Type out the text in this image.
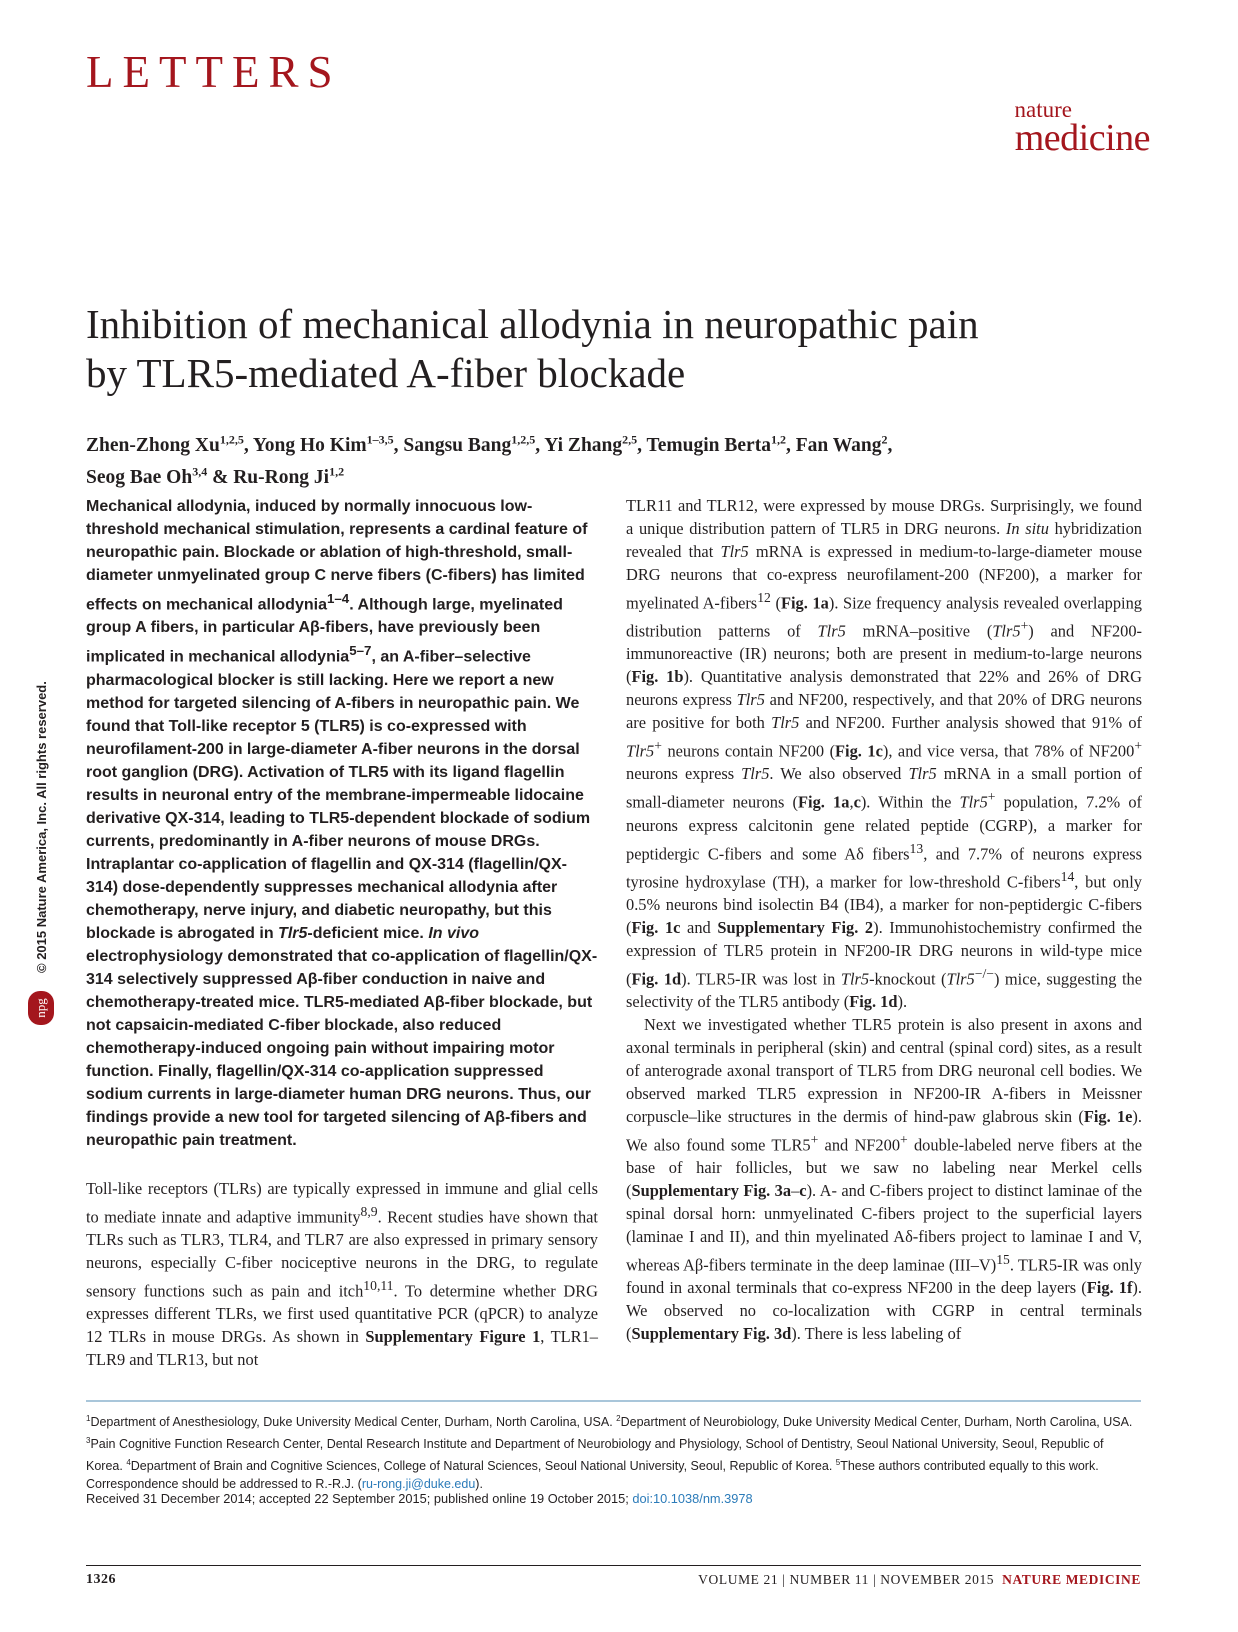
LETTERS
nature
medicine
Inhibition of mechanical allodynia in neuropathic pain
by TLR5-mediated A-fiber blockade
Zhen-Zhong Xu$^{1,2,5}$, Yong Ho Kim$^{1-3,5}$, Sangsu Bang$^{1,2,5}$, Yi Zhang$^{2,5}$, Temugin Berta$^{1,2}$, Fan Wang$^2$,
Seog Bae Oh$^{3,4}$ & Ru-Rong Ji$^{1,2}$
© 2015 Nature America, Inc. All rights reserved.
npg

Mechanical allodynia, induced by normally innocuous low-threshold mechanical stimulation, represents a cardinal feature of neuropathic pain. Blockade or ablation of high-threshold, small-diameter unmyelinated group C nerve fibers (C-fibers) has limited effects on mechanical allodynia$^{1-4}$. Although large, myelinated group A fibers, in particular Aβ-fibers, have previously been implicated in mechanical allodynia$^{5-7}$, an A-fiber–selective pharmacological blocker is still lacking. Here we report a new method for targeted silencing of A-fibers in neuropathic pain. We found that Toll-like receptor 5 (TLR5) is co-expressed with neurofilament-200 in large-diameter A-fiber neurons in the dorsal root ganglion (DRG). Activation of TLR5 with its ligand flagellin results in neuronal entry of the membrane-impermeable lidocaine derivative QX-314, leading to TLR5-dependent blockade of sodium currents, predominantly in A-fiber neurons of mouse DRGs. Intraplantar co-application of flagellin and QX-314 (flagellin/QX-314) dose-dependently suppresses mechanical allodynia after chemotherapy, nerve injury, and diabetic neuropathy, but this blockade is abrogated in Tlr5-deficient mice. In vivo electrophysiology demonstrated that co-application of flagellin/QX-314 selectively suppressed Aβ-fiber conduction in naive and chemotherapy-treated mice. TLR5-mediated Aβ-fiber blockade, but not capsaicin-mediated C-fiber blockade, also reduced chemotherapy-induced ongoing pain without impairing motor function. Finally, flagellin/QX-314 co-application suppressed sodium currents in large-diameter human DRG neurons. Thus, our findings provide a new tool for targeted silencing of Aβ-fibers and neuropathic pain treatment.

Toll-like receptors (TLRs) are typically expressed in immune and glial cells to mediate innate and adaptive immunity$^{8,9}$. Recent studies have shown that TLRs such as TLR3, TLR4, and TLR7 are also expressed in primary sensory neurons, especially C-fiber nociceptive neurons in the DRG, to regulate sensory functions such as pain and itch$^{10,11}$. To determine whether DRG expresses different TLRs, we first used quantitative PCR (qPCR) to analyze 12 TLRs in mouse DRGs. As shown in Supplementary Figure 1, TLR1–TLR9 and TLR13, but not

TLR11 and TLR12, were expressed by mouse DRGs. Surprisingly, we found a unique distribution pattern of TLR5 in DRG neurons. In situ hybridization revealed that Tlr5 mRNA is expressed in medium-to-large-diameter mouse DRG neurons that co-express neurofilament-200 (NF200), a marker for myelinated A-fibers$^{12}$ (Fig. 1a). Size frequency analysis revealed overlapping distribution patterns of Tlr5 mRNA–positive (Tlr5+) and NF200-immunoreactive (IR) neurons; both are present in medium-to-large neurons (Fig. 1b). Quantitative analysis demonstrated that 22% and 26% of DRG neurons express Tlr5 and NF200, respectively, and that 20% of DRG neurons are positive for both Tlr5 and NF200. Further analysis showed that 91% of Tlr5+ neurons contain NF200 (Fig. 1c), and vice versa, that 78% of NF200+ neurons express Tlr5. We also observed Tlr5 mRNA in a small portion of small-diameter neurons (Fig. 1a,c). Within the Tlr5+ population, 7.2% of neurons express calcitonin gene related peptide (CGRP), a marker for peptidergic C-fibers and some Aδ fibers$^{13}$, and 7.7% of neurons express tyrosine hydroxylase (TH), a marker for low-threshold C-fibers$^{14}$, but only 0.5% neurons bind isolectin B4 (IB4), a marker for non-peptidergic C-fibers (Fig. 1c and Supplementary Fig. 2). Immunohistochemistry confirmed the expression of TLR5 protein in NF200-IR DRG neurons in wild-type mice (Fig. 1d). TLR5-IR was lost in Tlr5-knockout (Tlr5−/−) mice, suggesting the selectivity of the TLR5 antibody (Fig. 1d).

Next we investigated whether TLR5 protein is also present in axons and axonal terminals in peripheral (skin) and central (spinal cord) sites, as a result of anterograde axonal transport of TLR5 from DRG neuronal cell bodies. We observed marked TLR5 expression in NF200-IR A-fibers in Meissner corpuscle–like structures in the dermis of hind-paw glabrous skin (Fig. 1e). We also found some TLR5+ and NF200+ double-labeled nerve fibers at the base of hair follicles, but we saw no labeling near Merkel cells (Supplementary Fig. 3a–c). A- and C-fibers project to distinct laminae of the spinal dorsal horn: unmyelinated C-fibers project to the superficial layers (laminae I and II), and thin myelinated Aδ-fibers project to laminae I and V, whereas Aβ-fibers terminate in the deep laminae $(III-V)^{15}$. TLR5-IR was only found in axonal terminals that co-express NF200 in the deep layers (Fig. 1f). We observed no co-localization with CGRP in central terminals (Supplementary Fig. 3d). There is less labeling of

$^1$Department of Anesthesiology, Duke University Medical Center, Durham, North Carolina, USA. $^2$Department of Neurobiology, Duke University Medical Center, Durham, North Carolina, USA. $^3$Pain Cognitive Function Research Center, Dental Research Institute and Department of Neurobiology and Physiology, School of Dentistry, Seoul National University, Seoul, Republic of Korea. $^4$Department of Brain and Cognitive Sciences, College of Natural Sciences, Seoul National University, Seoul, Republic of Korea. $^5$These authors contributed equally to this work. Correspondence should be addressed to R.-R.J. (ru-rong.ji@duke.edu).

Received 31 December 2014; accepted 22 September 2015; published online 19 October 2015; doi:10.1038/nm.3978
1326	VOLUME 21 | NUMBER 11 | NOVEMBER 2015 NATURE MEDICINE
